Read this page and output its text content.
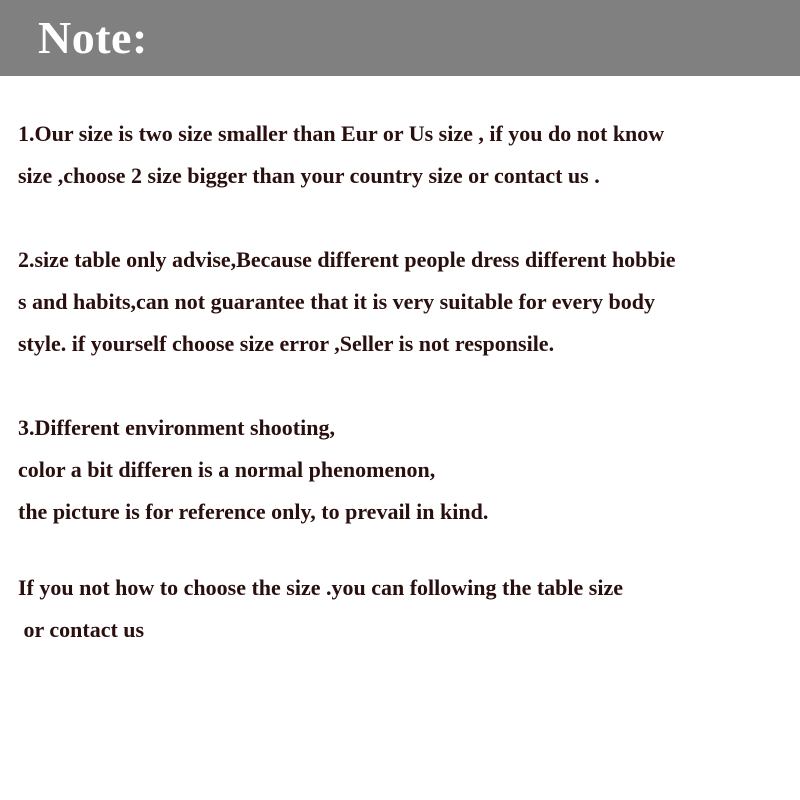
Note:
1.Our size is two size smaller than Eur or Us size , if you do not know
size ,choose 2 size bigger than your country size or contact us .
2.size table only advise,Because different people dress different hobbie
s and habits,can not guarantee that it is very suitable for every body
style. if yourself choose size error ,Seller is not responsile.
3.Different environment shooting,
color a bit differen is a normal phenomenon,
the picture is for reference only, to prevail in kind.
If you not how to choose the size .you can following the table size
or contact us
